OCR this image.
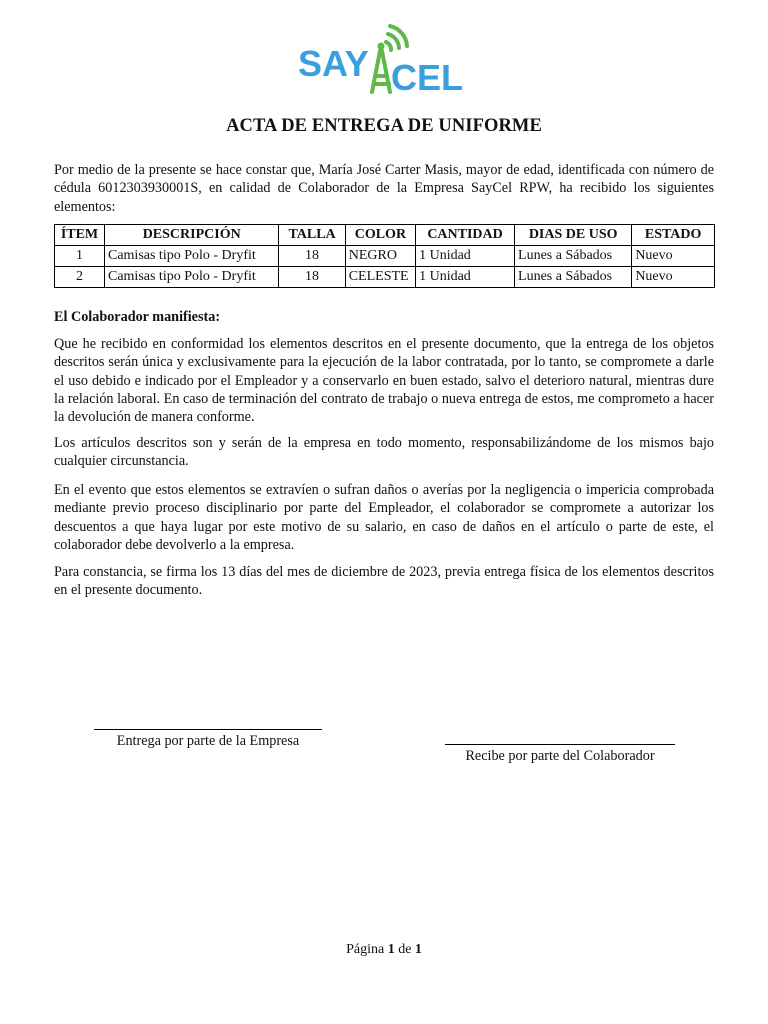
SAY CEL
ACTA DE ENTREGA DE UNIFORME

Por medio de la presente se hace constar que, María José Carter Masis, mayor de edad, identificada con número de cédula 6012303930001S, en calidad de Colaborador de la Empresa SayCel RPW, ha recibido los siguientes elementos:

ÍTEM	DESCRIPCIÓN	TALLA	COLOR	CANTIDAD	DIAS DE USO	ESTADO
1	Camisas tipo Polo - Dryfit	18	NEGRO	1 Unidad	Lunes a Sábados	Nuevo
2	Camisas tipo Polo - Dryfit	18	CELESTE	1 Unidad	Lunes a Sábados	Nuevo

El Colaborador manifiesta:

Que he recibido en conformidad los elementos descritos en el presente documento, que la entrega de los objetos descritos serán única y exclusivamente para la ejecución de la labor contratada, por lo tanto, se compromete a darle el uso debido e indicado por el Empleador y a conservarlo en buen estado, salvo el deterioro natural, mientras dure la relación laboral. En caso de terminación del contrato de trabajo o nueva entrega de estos, me comprometo a hacer la devolución de manera conforme.

Los artículos descritos son y serán de la empresa en todo momento, responsabilizándome de los mismos bajo cualquier circunstancia.

En el evento que estos elementos se extravíen o sufran daños o averías por la negligencia o impericia comprobada mediante previo proceso disciplinario por parte del Empleador, el colaborador se compromete a autorizar los descuentos a que haya lugar por este motivo de su salario, en caso de daños en el artículo o parte de este, el colaborador debe devolverlo a la empresa.

Para constancia, se firma los 13 días del mes de diciembre de 2023, previa entrega física de los elementos descritos en el presente documento.

Entrega por parte de la Empresa
Recibe por parte del Colaborador
Página 1 de 1
